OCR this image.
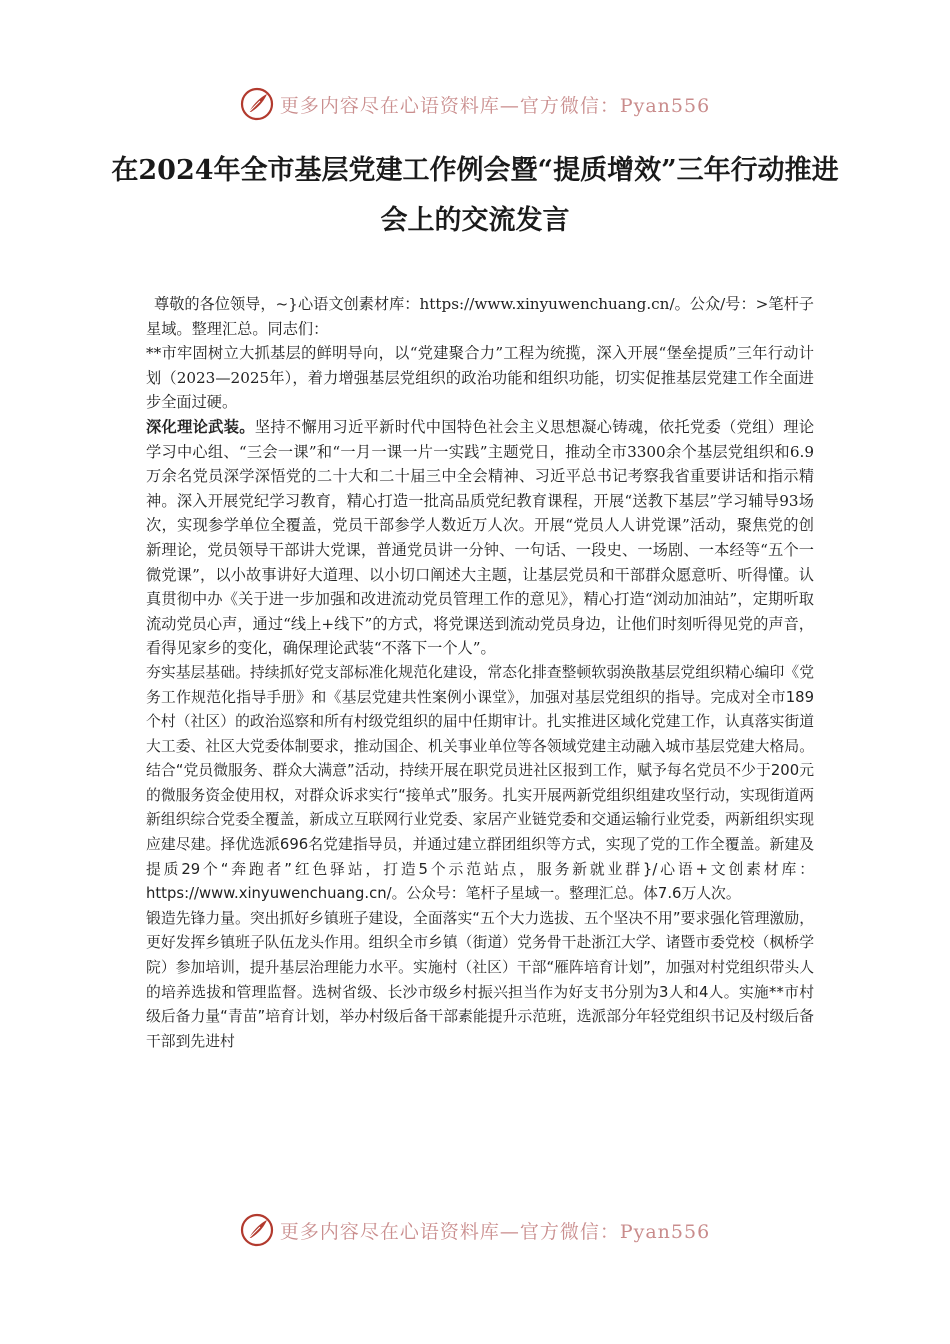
更多内容尽在心语资料库—官方微信：Pyan556
在2024年全市基层党建工作例会暨“提质增效”三年行动推进会上的交流发言

尊敬的各位领导，~}心语文创素材库：https://www.xinyuwenchuang.cn/。公众/号：>笔杆子星域。整理汇总。同志们：

**市牢固树立大抓基层的鲜明导向，以“党建聚合力”工程为统揽，深入开展“堡垒提质”三年行动计划（2023—2025年），着力增强基层党组织的政治功能和组织功能，切实促推基层党建工作全面进步全面过硬。

深化理论武装。坚持不懈用习近平新时代中国特色社会主义思想凝心铸魂，依托党委（党组）理论学习中心组、“三会一课”和“一月一课一片一实践”主题党日，推动全市3300余个基层党组织和6.9万余名党员深学深悟党的二十大和二十届三中全会精神、习近平总书记考察我省重要讲话和指示精神。深入开展党纪学习教育，精心打造一批高品质党纪教育课程，开展“送教下基层”学习辅导93场次，实现参学单位全覆盖，党员干部参学人数近万人次。开展“党员人人讲党课”活动，聚焦党的创新理论，党员领导干部讲大党课，普通党员讲一分钟、一句话、一段史、一场剧、一本经等“五个一微党课”，以小故事讲好大道理、以小切口阐述大主题，让基层党员和干部群众愿意听、听得懂。认真贯彻中办《关于进一步加强和改进流动党员管理工作的意见》，精心打造“浏动加油站”，定期听取流动党员心声，通过“线上+线下”的方式，将党课送到流动党员身边，让他们时刻听得见党的声音，看得见家乡的变化，确保理论武装“不落下一个人”。

夯实基层基础。持续抓好党支部标准化规范化建设，常态化排查整顿软弱涣散基层党组织精心编印《党务工作规范化指导手册》和《基层党建共性案例小课堂》，加强对基层党组织的指导。完成对全市189个村（社区）的政治巡察和所有村级党组织的届中任期审计。扎实推进区域化党建工作，认真落实街道大工委、社区大党委体制要求，推动国企、机关事业单位等各领域党建主动融入城市基层党建大格局。结合“党员微服务、群众大满意”活动，持续开展在职党员进社区报到工作，赋予每名党员不少于200元的微服务资金使用权，对群众诉求实行“接单式”服务。扎实开展两新党组织组建攻坚行动，实现街道两新组织综合党委全覆盖，新成立互联网行业党委、家居产业链党委和交通运输行业党委，两新组织实现应建尽建。择优选派696名党建指导员，并通过建立群团组织等方式，实现了党的工作全覆盖。新建及提质29个“奔跑者”红色驿站，打造5个示范站点，服务新就业群}/心语+文创素材库：https://www.xinyuwenchuang.cn/。公众号：笔杆子星域一。整理汇总。体7.6万人次。

锻造先锋力量。突出抓好乡镇班子建设，全面落实“五个大力选拔、五个坚决不用”要求强化管理激励，更好发挥乡镇班子队伍龙头作用。组织全市乡镇（街道）党务骨干赴浙江大学、诸暨市委党校（枫桥学院）参加培训，提升基层治理能力水平。实施村（社区）干部“雁阵培育计划”，加强对村党组织带头人的培养选拔和管理监督。选树省级、长沙市级乡村振兴担当作为好支书分别为3人和4人。实施**市村级后备力量“青苗”培育计划，举办村级后备干部素能提升示范班，选派部分年轻党组织书记及村级后备干部到先进村

更多内容尽在心语资料库—官方微信：Pyan556
